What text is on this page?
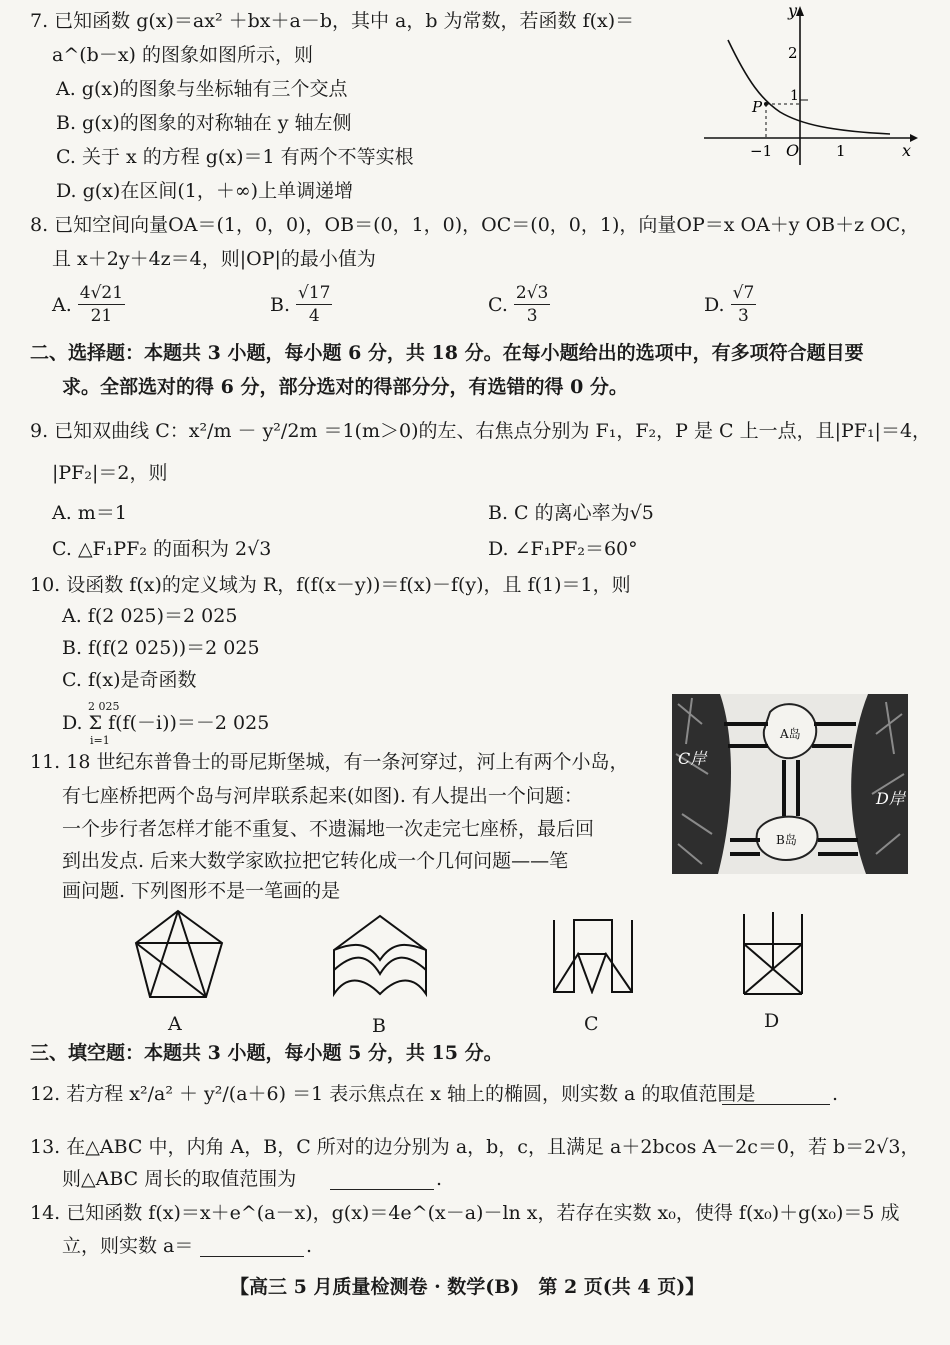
7. 已知函数 g(x)＝ax² ＋bx＋a－b，其中 a，b 为常数，若函数 f(x)＝
a^(b－x) 的图象如图所示，则
A. g(x)的图象与坐标轴有三个交点
B. g(x)的图象的对称轴在 y 轴左侧
C. 关于 x 的方程 g(x)＝1 有两个不等实根
D. g(x)在区间(1，＋∞)上单调递增
y
x
O
2
1
−1	1
P
8. 已知空间向量OA＝(1，0，0)，OB＝(0，1，0)，OC＝(0，0，1)，向量OP＝x OA＋y OB＋z OC，
且 x＋2y＋4z＝4，则|OP|的最小值为
A. $\frac{4√21}{21}$	B. $\frac{√17}{4}$	C. $\frac{2√3}{3}$	D. $\frac{√7}{3}$
二、选择题：本题共 3 小题，每小题 6 分，共 18 分。在每小题给出的选项中，有多项符合题目要
求。全部选对的得 6 分，部分选对的得部分分，有选错的得 0 分。
9. 已知双曲线 C：x²/m － y²/2m ＝1(m＞0)的左、右焦点分别为 F₁，F₂，P 是 C 上一点，且|PF₁|＝4，
|PF₂|＝2，则
A. m＝1	B. C 的离心率为√5
C. △F₁PF₂ 的面积为 2√3	D. ∠F₁PF₂＝60°
10. 设函数 f(x)的定义域为 R，f(f(x－y))＝f(x)－f(y)，且 f(1)＝1，则
A. f(2 025)＝2 025
B. f(f(2 025))＝2 025
C. f(x)是奇函数
D. Σ f(f(－i))＝－2 025
2 025
i=1
11. 18 世纪东普鲁士的哥尼斯堡城，有一条河穿过，河上有两个小岛，
有七座桥把两个岛与河岸联系起来(如图). 有人提出一个问题：
一个步行者怎样才能不重复、不遗漏地一次走完七座桥，最后回
到出发点. 后来大数学家欧拉把它转化成一个几何问题——笔
画问题. 下列图形不是一笔画的是
A岛
B岛
C岸
D岸
A	B	C	D
三、填空题：本题共 3 小题，每小题 5 分，共 15 分。
12. 若方程 x²/a² ＋ y²/(a＋6) ＝1 表示焦点在 x 轴上的椭圆，则实数 a 的取值范围是	.
13. 在△ABC 中，内角 A，B，C 所对的边分别为 a，b，c，且满足 a＋2bcos A－2c＝0，若 b＝2√3，
则△ABC 周长的取值范围为	.
14. 已知函数 f(x)＝x＋e^(a－x)，g(x)＝4e^(x－a)－ln x，若存在实数 x₀，使得 f(x₀)＋g(x₀)＝5 成
立，则实数 a＝	.
【高三 5 月质量检测卷 · 数学(B)　第 2 页(共 4 页)】
